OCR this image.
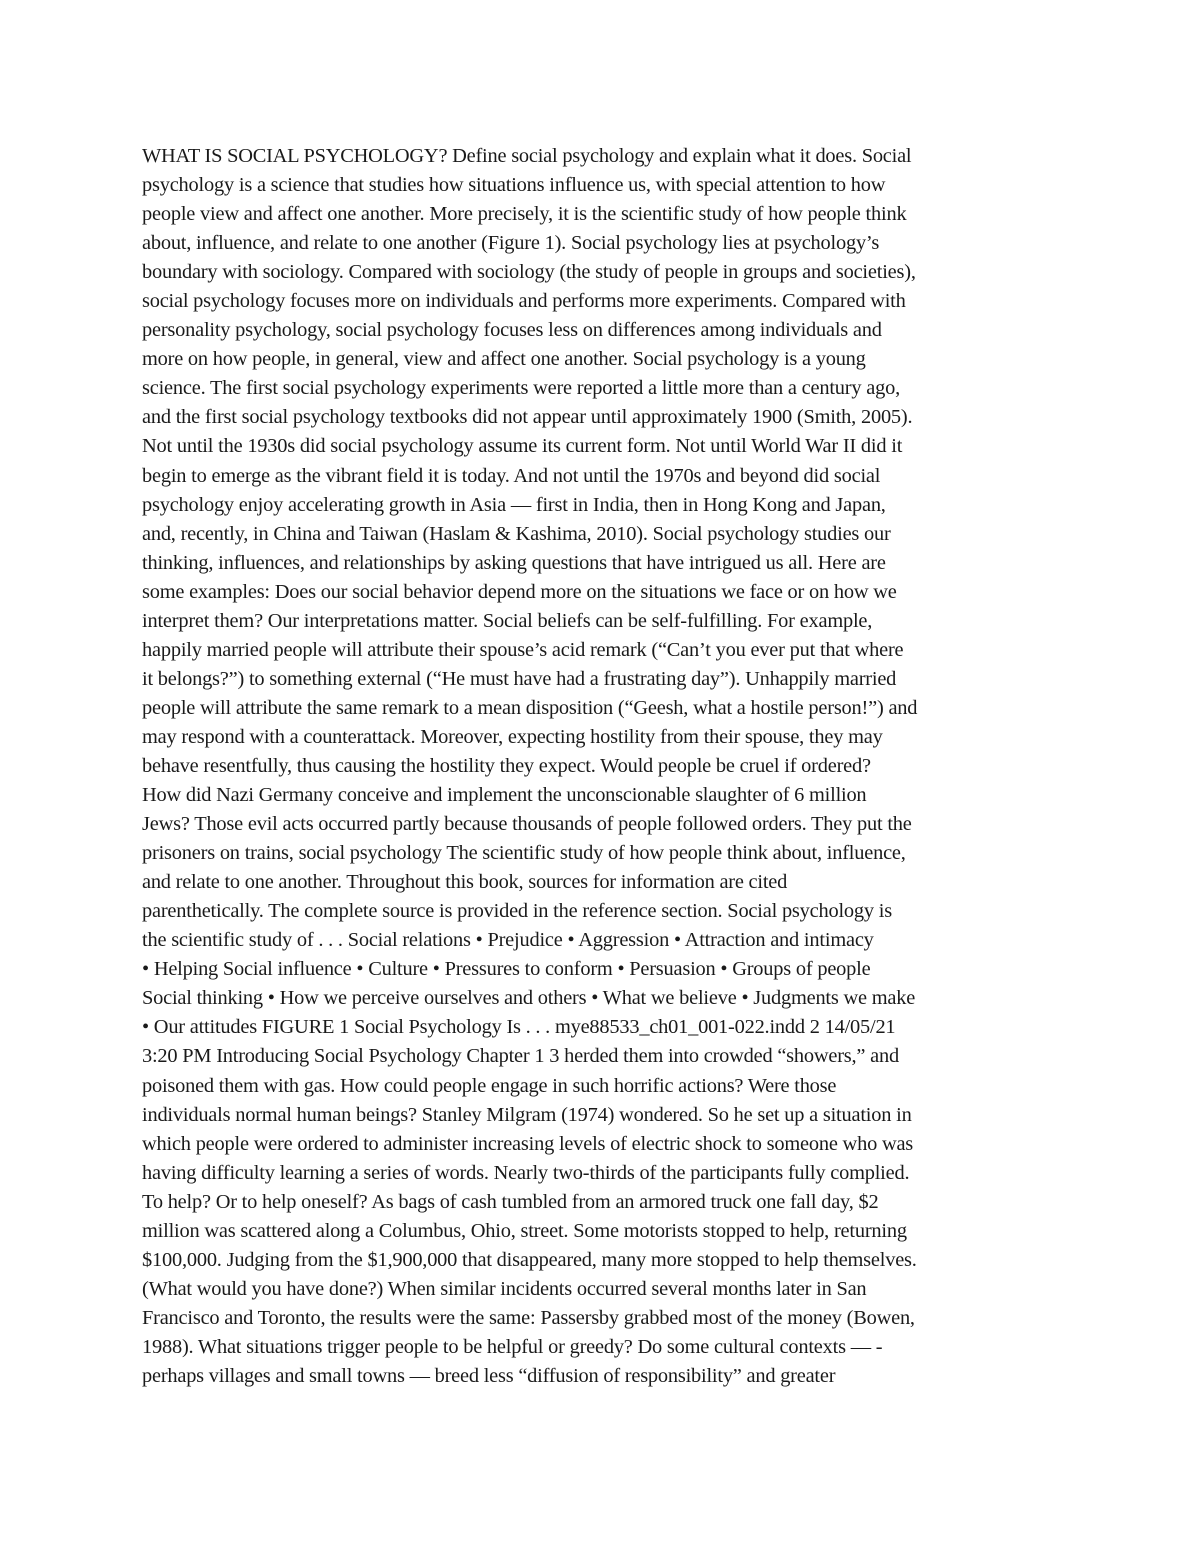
WHAT IS SOCIAL PSYCHOLOGY? Define social psychology and explain what it does. Social
psychology is a science that studies how situations influence us, with special attention to how
people view and affect one another. More precisely, it is the scientific study of how people think
about, influence, and relate to one another (Figure 1). Social psychology lies at psychology’s
boundary with sociology. Compared with sociology (the study of people in groups and societies),
social psychology focuses more on individuals and performs more experiments. Compared with
personality psychology, social psychology focuses less on differences among individuals and
more on how people, in general, view and affect one another. Social psychology is a young
science. The first social psychology experiments were reported a little more than a century ago,
and the first social psychology textbooks did not appear until approximately 1900 (Smith, 2005).
Not until the 1930s did social psychology assume its current form. Not until World War II did it
begin to emerge as the vibrant field it is today. And not until the 1970s and beyond did social
psychology enjoy accelerating growth in Asia — first in India, then in Hong Kong and Japan,
and, recently, in China and Taiwan (Haslam & Kashima, 2010). Social psychology studies our
thinking, influences, and relationships by asking questions that have intrigued us all. Here are
some examples: Does our social behavior depend more on the situations we face or on how we
interpret them? Our interpretations matter. Social beliefs can be self-fulfilling. For example,
happily married people will attribute their spouse’s acid remark (“Can’t you ever put that where
it belongs?”) to something external (“He must have had a frustrating day”). Unhappily married
people will attribute the same remark to a mean disposition (“Geesh, what a hostile person!”) and
may respond with a counterattack. Moreover, expecting hostility from their spouse, they may
behave resentfully, thus causing the hostility they expect. Would people be cruel if ordered?
How did Nazi Germany conceive and implement the unconscionable slaughter of 6 million
Jews? Those evil acts occurred partly because thousands of people followed orders. They put the
prisoners on trains, social psychology The scientific study of how people think about, influence,
and relate to one another. Throughout this book, sources for information are cited
parenthetically. The complete source is provided in the reference section. Social psychology is
the scientific study of . . . Social relations • Prejudice • Aggression • Attraction and intimacy
• Helping Social influence • Culture • Pressures to conform • Persuasion • Groups of people
Social thinking • How we perceive ourselves and others • What we believe • Judgments we make
• Our attitudes FIGURE 1 Social Psychology Is . . . mye88533_ch01_001-022.indd 2 14/05/21
3:20 PM Introducing Social Psychology Chapter 1 3 herded them into crowded “showers,” and
poisoned them with gas. How could people engage in such horrific actions? Were those
individuals normal human beings? Stanley Milgram (1974) wondered. So he set up a situation in
which people were ordered to administer increasing levels of electric shock to someone who was
having difficulty learning a series of words. Nearly two-thirds of the participants fully complied.
To help? Or to help oneself? As bags of cash tumbled from an armored truck one fall day, $2
million was scattered along a Columbus, Ohio, street. Some motorists stopped to help, returning
$100,000. Judging from the $1,900,000 that disappeared, many more stopped to help themselves.
(What would you have done?) When similar incidents occurred several months later in San
Francisco and Toronto, the results were the same: Passersby grabbed most of the money (Bowen,
1988). What situations trigger people to be helpful or greedy? Do some cultural contexts — -
perhaps villages and small towns — breed less “diffusion of responsibility” and greater
